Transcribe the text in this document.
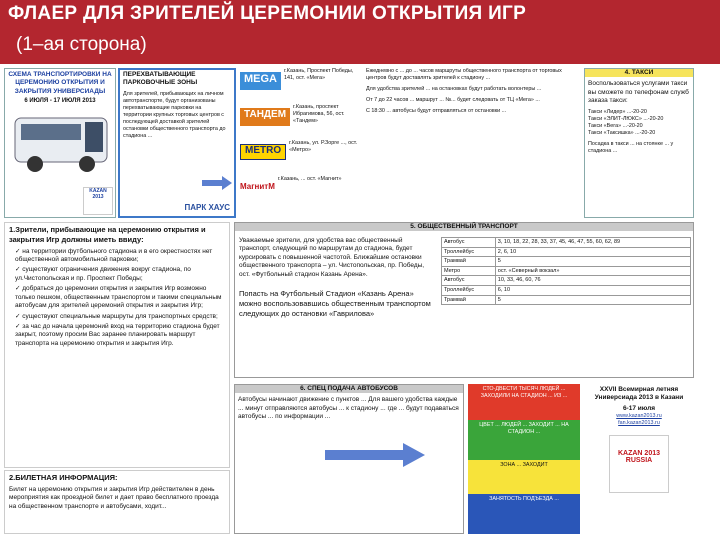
ФЛАЕР ДЛЯ ЗРИТЕЛЕЙ ЦЕРЕМОНИИ ОТКРЫТИЯ ИГР
(1–ая сторона)
СХЕМА ТРАНСПОРТИРОВКИ НА ЦЕРЕМОНИЮ ОТКРЫТИЯ И ЗАКРЫТИЯ УНИВЕРСИАДЫ
6 ИЮЛЯ - 17 ИЮЛЯ 2013
KAZAN
2013
ПЕРЕХВАТЫВАЮЩИЕ ПАРКОВОЧНЫЕ ЗОНЫ
Для зрителей, прибывающих на личном автотранспорте, будут организованы перехватывающие парковки на территории крупных торговых центров с последующей доставкой зрителей остановки общественного транспорта до стадиона ...
ПАРК ХАУС
MEGA
г.Казань, Проспект Победы, 141, ост. «Мега»
ТАНДЕМ
г.Казань, проспект Ибрагимова, 56, ост. «Тандем»
METRO
г.Казань, ул. Р.Зорге ..., ост. «Метро»
МагнитМ
г.Казань, ... ост. «Магнит»
Ежедневно с ... до ... часов маршруты общественного транспорта от торговых центров будут доставлять зрителей к стадиону ...
Для удобства зрителей ... на остановках будут работать волонтеры ...
От 7 до 22 часов ... маршрут ... №... будет следовать от ТЦ «Мега» ...
С 18:30 ... автобусы будут отправляться от остановки ...
4. ТАКСИ
Воспользоваться услугами такси вы сможете по телефонам служб заказа такси:
Такси «Лидер» ...-20-20
Такси «ЭЛИТ-ЛЮКС» ...-20-20
Такси «Вега» ...-20-20
Такси «Таксишка» ...-20-20
Посадка в такси ... на стоянке ... у стадиона ...
1.Зрители, прибывающие на церемонию открытия и закрытия Игр должны иметь ввиду:
✓ на территории футбольного стадиона и в его окрестностях нет общественной автомобильной парковки;
✓ существуют ограничения движения вокруг стадиона, по ул.Чистопольская и пр. Проспект Победы;
✓ добраться до церемонии открытия и закрытия Игр возможно только пешком, общественным транспортом и такими специальным автобусам для зрителей церемоний открытия и закрытия Игр;
✓ существуют специальные маршруты для транспортных средств;
✓ за час до начала церемоний вход на территорию стадиона будет закрыт, поэтому просим Вас заранее планировать маршрут транспорта на церемонию открытия и закрытия Игр.
2.БИЛЕТНАЯ ИНФОРМАЦИЯ:
Билет на церемонию открытия и закрытия Игр действителен в день мероприятия как проездной билет и дает право бесплатного проезда на общественном транспорте и автобусами, ходит...
5. ОБЩЕСТВЕННЫЙ ТРАНСПОРТ
Уважаемые зрители, для удобства вас общественный транспорт, следующий по маршрутам до стадиона, будет курсировать с повышенной частотой. Ближайшие остановки общественного транспорта – ул. Чистопольская, пр. Победы, ост. «Футбольный стадион Казань Арена».
Попасть на Футбольный Стадион «Казань Арена» можно воспользовавшись общественным транспортом следующих до остановки «Гаврилова»
Автобус	3, 10, 18, 22, 28, 33, 37, 45, 46, 47, 55, 60, 62, 89
Троллейбус	2, 6, 10
Трамвай	5
Метро	ост. «Северный вокзал»
Автобус	10, 33, 46, 60, 76
Троллейбус	6, 10
Трамвай	5
6. СПЕЦ ПОДАЧА АВТОБУСОВ
Автобусы начинают движение с пунктов ... Для вашего удобства каждые ... минут отправляются автобусы ... к стадиону ... где ... будут подаваться автобусы ... по информации ...
СТО-ДВЕСТИ ТЫСЯЧ ЛЮДЕЙ ... ЗАХОДИЛИ НА СТАДИОН ... ИЗ ...
ЦВЕТ ... ЛЮДЕЙ ... ЗАХОДИТ ... НА СТАДИОН ...
ЗОНА ... ЗАХОДИТ
ЗАНЯТОСТЬ ПОДЪЕЗДА ...
XXVII Всемирная летняя Универсиада 2013 в Казани
6-17 июля
www.kazan2013.ru
fan.kazan2013.ru
KAZAN 2013 RUSSIA
